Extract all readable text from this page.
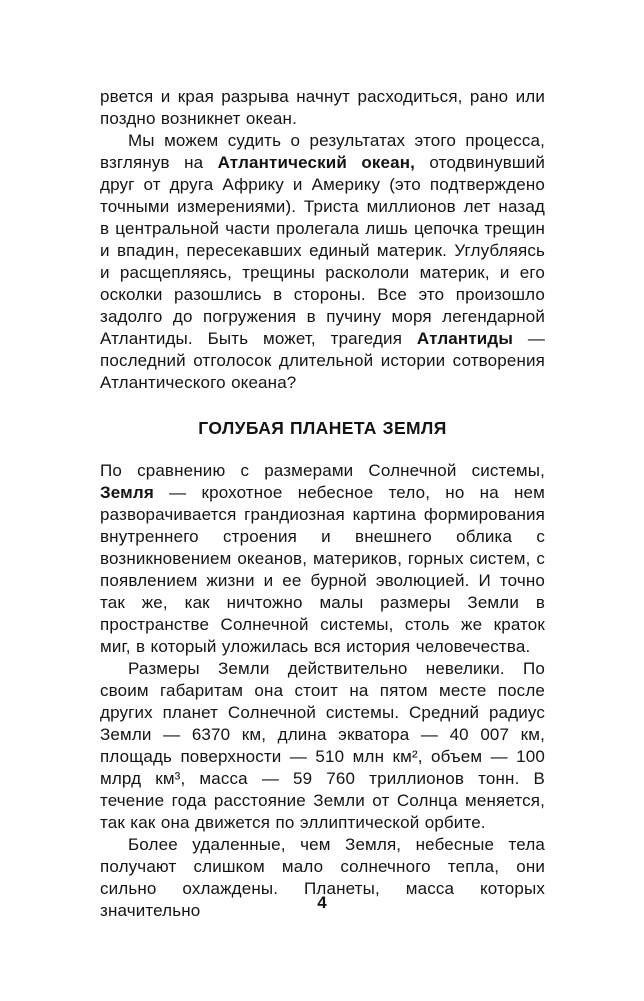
рвется и края разрыва начнут расходиться, рано или поздно возникнет океан.

Мы можем судить о результатах этого процесса, взглянув на Атлантический океан, отодвинувший друг от друга Африку и Америку (это подтверждено точными измерениями). Триста миллионов лет назад в центральной части пролегала лишь цепочка трещин и впадин, пересекавших единый материк. Углубляясь и расщепляясь, трещины раскололи материк, и его осколки разошлись в стороны. Все это произошло задолго до погружения в пучину моря легендарной Атлантиды. Быть может, трагедия Атлантиды — последний отголосок длительной истории сотворения Атлантического океана?

ГОЛУБАЯ ПЛАНЕТА ЗЕМЛЯ

По сравнению с размерами Солнечной системы, Земля — крохотное небесное тело, но на нем разворачивается грандиозная картина формирования внутреннего строения и внешнего облика с возникновением океанов, материков, горных систем, с появлением жизни и ее бурной эволюцией. И точно так же, как ничтожно малы размеры Земли в пространстве Солнечной системы, столь же краток миг, в который уложилась вся история человечества.

Размеры Земли действительно невелики. По своим габаритам она стоит на пятом месте после других планет Солнечной системы. Средний радиус Земли — 6370 км, длина экватора — 40 007 км, площадь поверхности — 510 млн км², объем — 100 млрд км³, масса — 59 760 триллионов тонн. В течение года расстояние Земли от Солнца меняется, так как она движется по эллиптической орбите.

Более удаленные, чем Земля, небесные тела получают слишком мало солнечного тепла, они сильно охлаждены. Планеты, масса которых значительно	4
